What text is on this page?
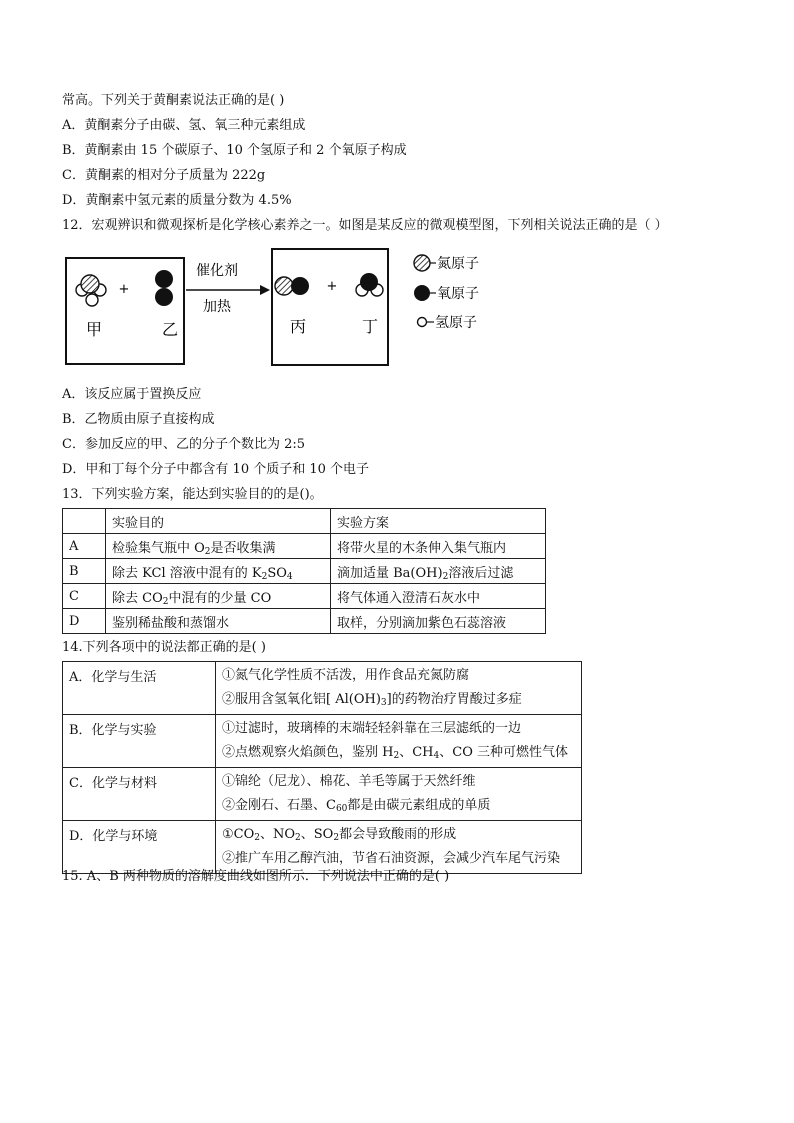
常高。下列关于黄酮素说法正确的是( )
A．黄酮素分子由碳、氢、氧三种元素组成
B．黄酮素由 15 个碳原子、10 个氢原子和 2 个氧原子构成
C．黄酮素的相对分子质量为 222g
D．黄酮素中氢元素的质量分数为 4.5%
12．宏观辨识和微观探析是化学核心素养之一。如图是某反应的微观模型图，下列相关说法正确的是（ ）
+
甲	乙
催化剂
加热
+
丙	丁
氮原子
氧原子
氢原子
A．该反应属于置换反应
B．乙物质由原子直接构成
C．参加反应的甲、乙的分子个数比为 2:5
D．甲和丁每个分子中都含有 10 个质子和 10 个电子
13．下列实验方案，能达到实验目的的是()。
	实验目的	实验方案
A	检验集气瓶中 $O_2$是否收集满	将带火星的木条伸入集气瓶内
B	除去 KCl 溶液中混有的 $K_2SO_4$	滴加适量 $Ba(OH)_2$溶液后过滤
C	除去 $CO_2$中混有的少量 CO	将气体通入澄清石灰水中
D	鉴别稀盐酸和蒸馏水	取样，分别滴加紫色石蕊溶液
14.下列各项中的说法都正确的是( )
A．化学与生活	①氮气化学性质不活泼，用作食品充氮防腐
②服用含氢氧化铝[ $Al(OH)_3$]的药物治疗胃酸过多症

B．化学与实验	①过滤时，玻璃棒的末端轻轻斜靠在三层滤纸的一边
②点燃观察火焰颜色，鉴别 $H_2$、$CH_4$、CO 三种可燃性气体

C．化学与材料	①锦纶（尼龙）、棉花、羊毛等属于天然纤维
②金刚石、石墨、$C_{60}$都是由碳元素组成的单质

D．化学与环境	$①CO_2$、$NO_2$、$SO_2$都会导致酸雨的形成
②推广车用乙醇汽油，节省石油资源，会减少汽车尾气污染
15. A、B 两种物质的溶解度曲线如图所示．下列说法中正确的是( )
